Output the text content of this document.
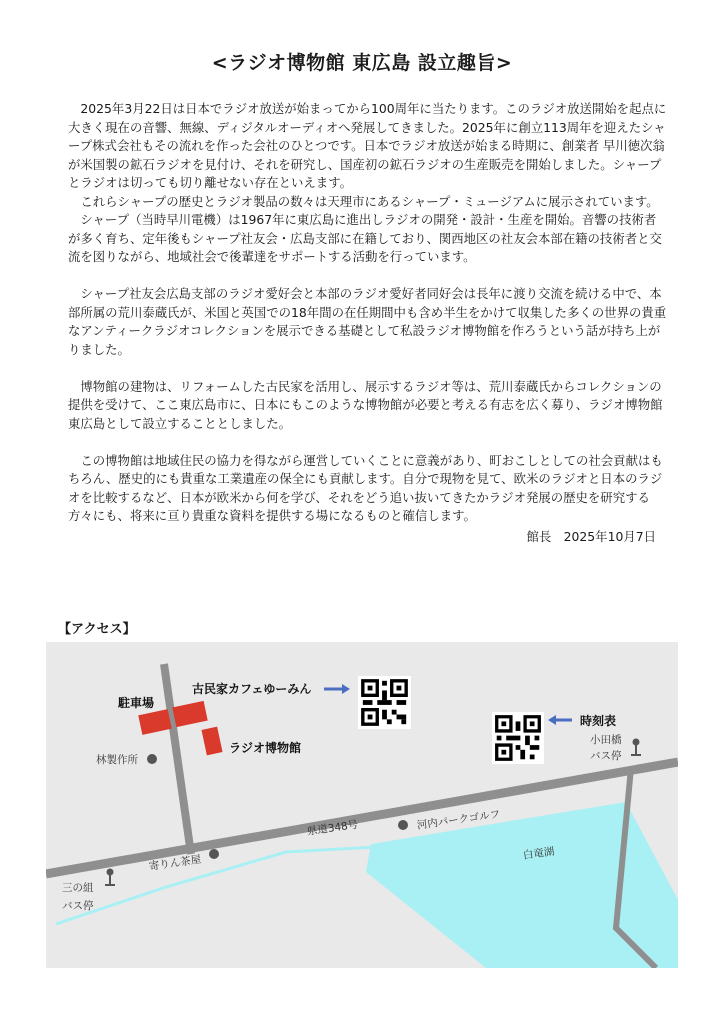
<ラジオ博物館 東広島 設立趣旨>

2025年3月22日は日本でラジオ放送が始まってから100周年に当たります。このラジオ放送開始を起点に大きく現在の音響、無線、ディジタルオーディオへ発展してきました。2025年に創立113周年を迎えたシャープ株式会社もその流れを作った会社のひとつです。日本でラジオ放送が始まる時期に、創業者 早川徳次翁が米国製の鉱石ラジオを見付け、それを研究し、国産初の鉱石ラジオの生産販売を開始しました。シャープとラジオは切っても切り離せない存在といえます。

これらシャープの歴史とラジオ製品の数々は天理市にあるシャープ・ミュージアムに展示されています。

シャープ（当時早川電機）は1967年に東広島に進出しラジオの開発・設計・生産を開始。音響の技術者が多く育ち、定年後もシャープ社友会・広島支部に在籍しており、関西地区の社友会本部在籍の技術者と交流を図りながら、地域社会で後輩達をサポートする活動を行っています。

シャープ社友会広島支部のラジオ愛好会と本部のラジオ愛好者同好会は長年に渡り交流を続ける中で、本部所属の荒川泰蔵氏が、米国と英国での18年間の在任期間中も含め半生をかけて収集した多くの世界の貴重なアンティークラジオコレクションを展示できる基礎として私設ラジオ博物館を作ろうという話が持ち上がりました。

博物館の建物は、リフォームした古民家を活用し、展示するラジオ等は、荒川泰蔵氏からコレクションの提供を受けて、ここ東広島市に、日本にもこのような博物館が必要と考える有志を広く募り、ラジオ博物館東広島として設立することとしました。

この博物館は地域住民の協力を得ながら運営していくことに意義があり、町おこしとしての社会貢献はもちろん、歴史的にも貴重な工業遺産の保全にも貢献します。自分で現物を見て、欧米のラジオと日本のラジオを比較するなど、日本が欧米から何を学び、それをどう追い抜いてきたかラジオ発展の歴史を研究する方々にも、将来に亘り貴重な資料を提供する場になるものと確信します。

館長　2025年10月7日
【アクセス】
駐車場
古民家カフェゆーみん
ラジオ博物館
林製作所
時刻表
小田橋
バス停
県道348号	河内パークゴルフ
白竜湖
寄りん茶屋
三の組
バス停
